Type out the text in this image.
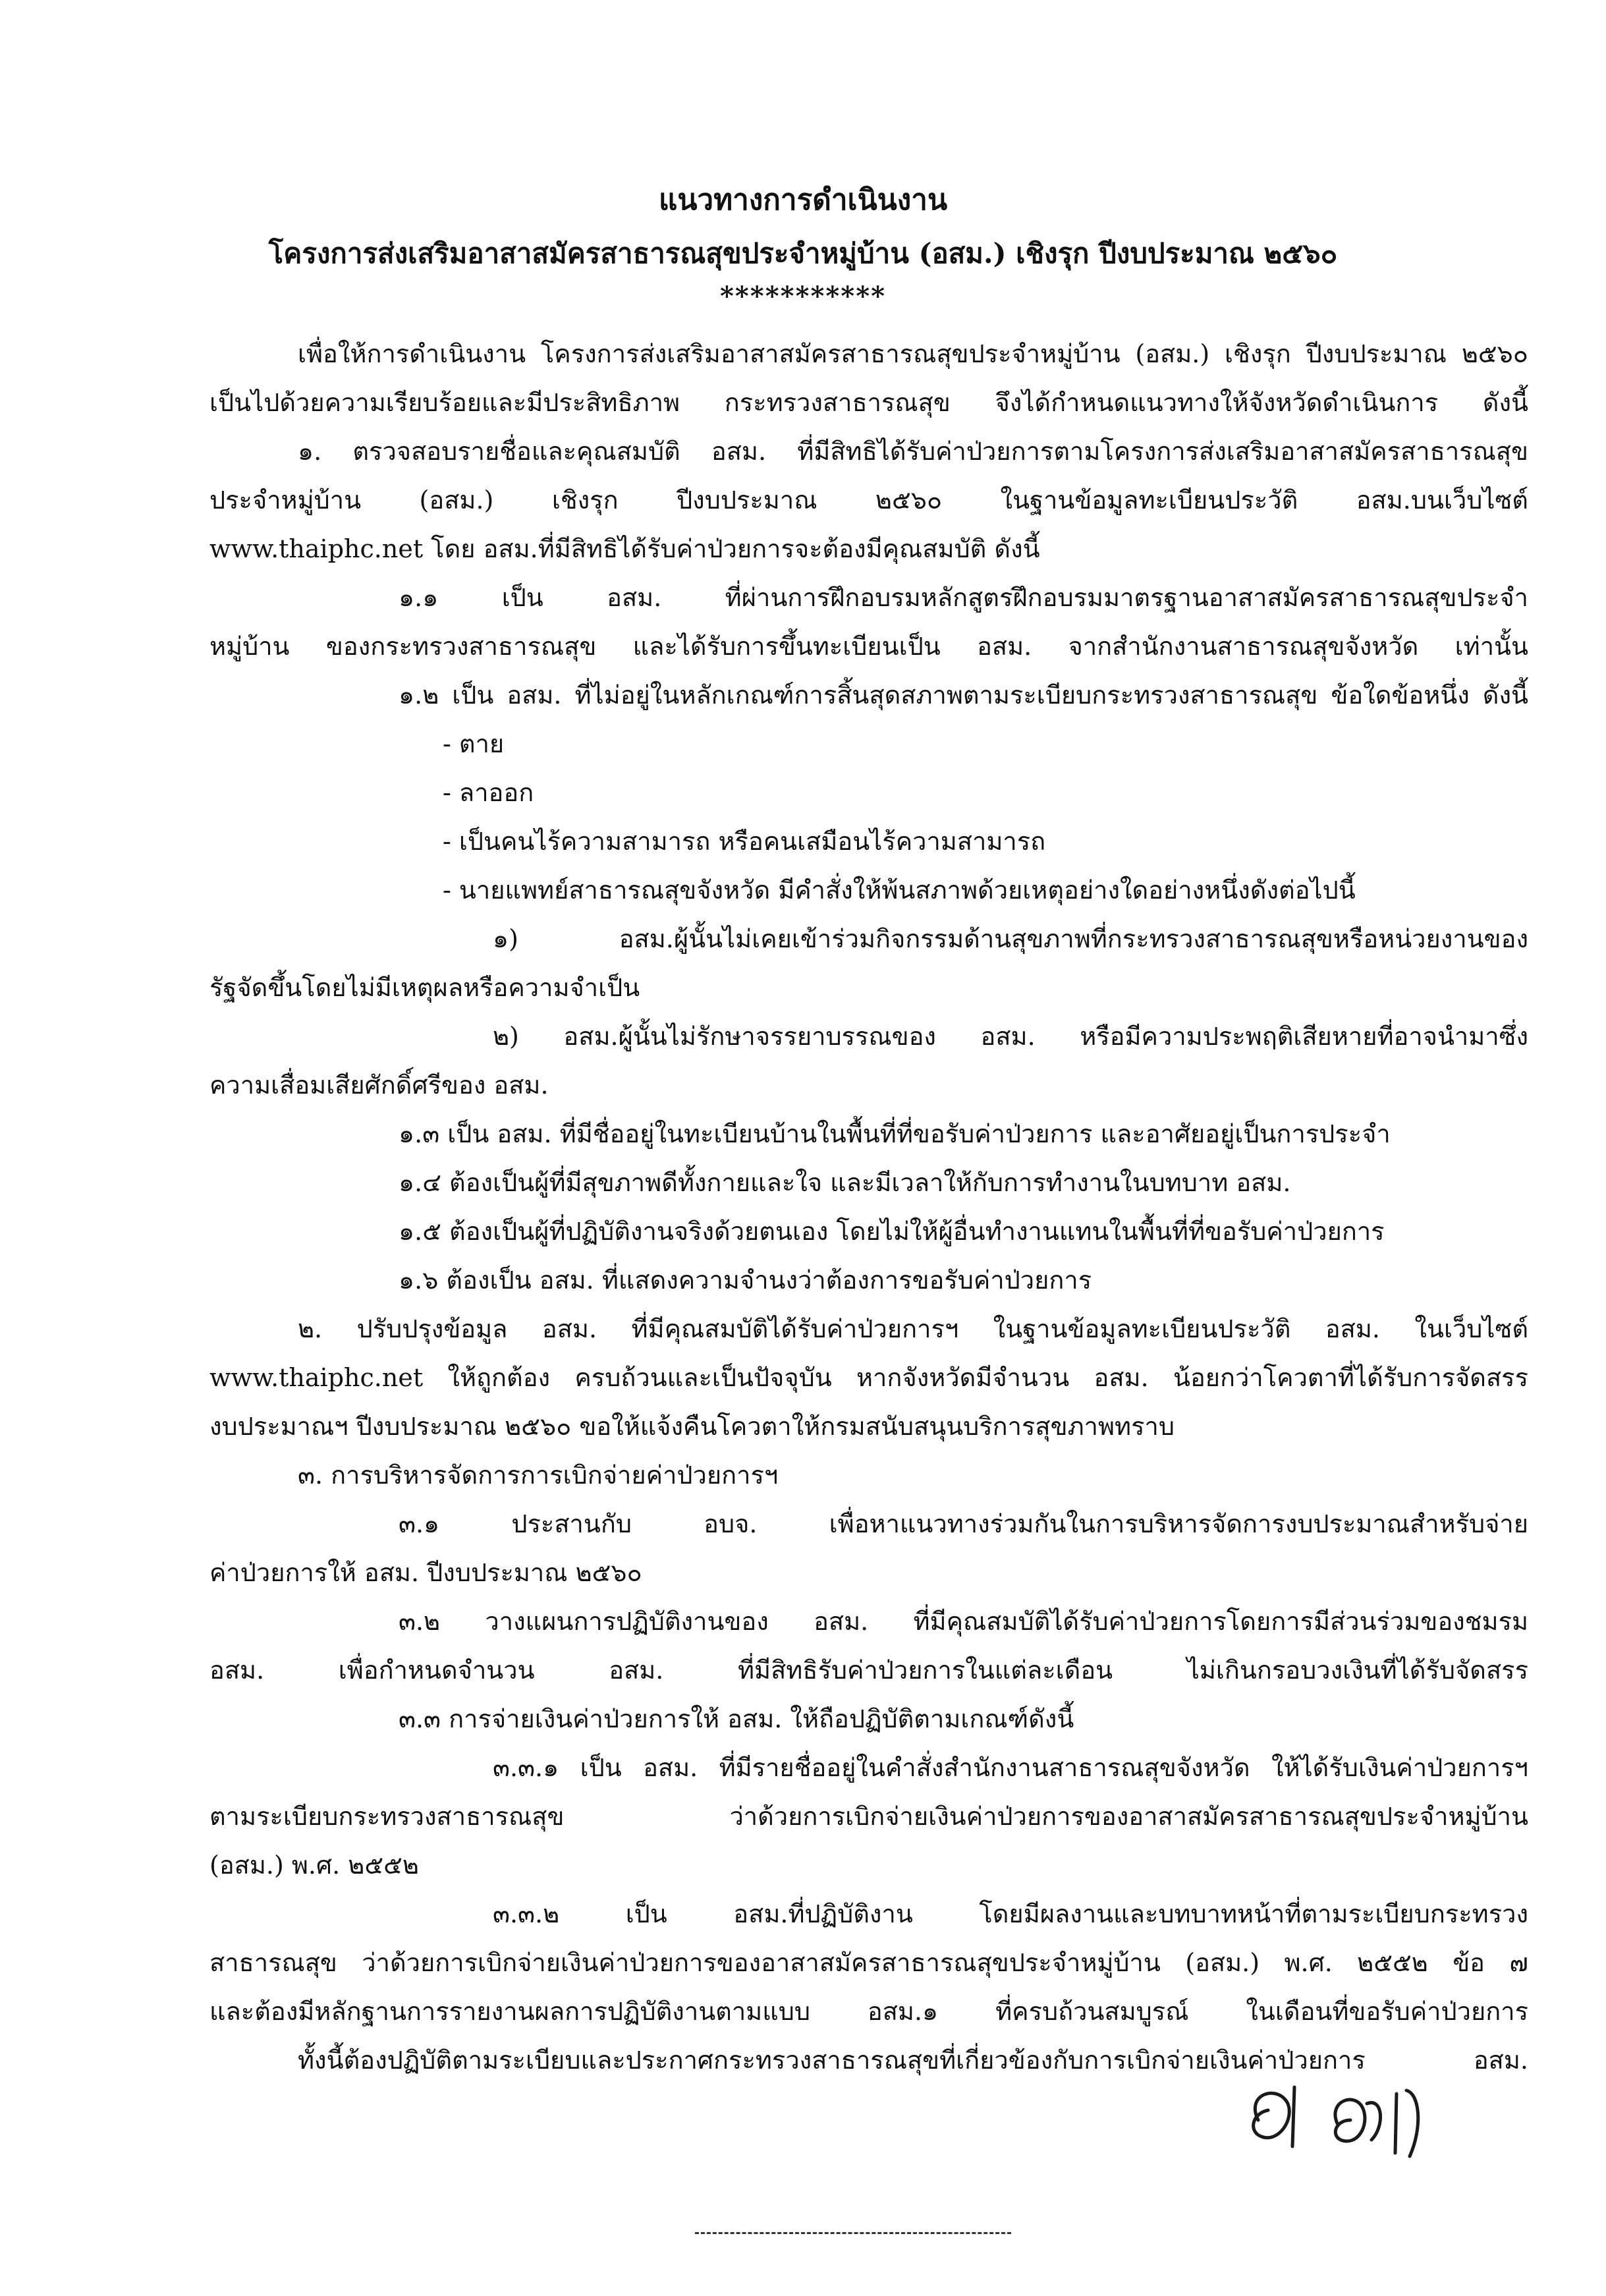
แนวทางการดำเนินงาน
โครงการส่งเสริมอาสาสมัครสาธารณสุขประจำหมู่บ้าน (อสม.) เชิงรุก ปีงบประมาณ ๒๕๖๐
***********
เพื่อให้การดำเนินงาน โครงการส่งเสริมอาสาสมัครสาธารณสุขประจำหมู่บ้าน (อสม.) เชิงรุก ปีงบประมาณ ๒๕๖๐
เป็นไปด้วยความเรียบร้อยและมีประสิทธิภาพ กระทรวงสาธารณสุข จึงได้กำหนดแนวทางให้จังหวัดดำเนินการ ดังนี้
๑. ตรวจสอบรายชื่อและคุณสมบัติ อสม. ที่มีสิทธิได้รับค่าป่วยการตามโครงการส่งเสริมอาสาสมัครสาธารณสุข
ประจำหมู่บ้าน (อสม.) เชิงรุก ปีงบประมาณ ๒๕๖๐ ในฐานข้อมูลทะเบียนประวัติ อสม.บนเว็บไซต์
www.thaiphc.net โดย อสม.ที่มีสิทธิได้รับค่าป่วยการจะต้องมีคุณสมบัติ ดังนี้
๑.๑ เป็น อสม. ที่ผ่านการฝึกอบรมหลักสูตรฝึกอบรมมาตรฐานอาสาสมัครสาธารณสุขประจำ
หมู่บ้าน ของกระทรวงสาธารณสุข และได้รับการขึ้นทะเบียนเป็น อสม. จากสำนักงานสาธารณสุขจังหวัด เท่านั้น
๑.๒ เป็น อสม. ที่ไม่อยู่ในหลักเกณฑ์การสิ้นสุดสภาพตามระเบียบกระทรวงสาธารณสุข ข้อใดข้อหนึ่ง ดังนี้
- ตาย
- ลาออก
- เป็นคนไร้ความสามารถ หรือคนเสมือนไร้ความสามารถ
- นายแพทย์สาธารณสุขจังหวัด มีคำสั่งให้พ้นสภาพด้วยเหตุอย่างใดอย่างหนึ่งดังต่อไปนี้
๑) อสม.ผู้นั้นไม่เคยเข้าร่วมกิจกรรมด้านสุขภาพที่กระทรวงสาธารณสุขหรือหน่วยงานของ
รัฐจัดขึ้นโดยไม่มีเหตุผลหรือความจำเป็น
๒) อสม.ผู้นั้นไม่รักษาจรรยาบรรณของ อสม. หรือมีความประพฤติเสียหายที่อาจนำมาซึ่ง
ความเสื่อมเสียศักดิ์ศรีของ อสม.
๑.๓ เป็น อสม. ที่มีชื่ออยู่ในทะเบียนบ้านในพื้นที่ที่ขอรับค่าป่วยการ และอาศัยอยู่เป็นการประจำ
๑.๔ ต้องเป็นผู้ที่มีสุขภาพดีทั้งกายและใจ และมีเวลาให้กับการทำงานในบทบาท อสม.
๑.๕ ต้องเป็นผู้ที่ปฏิบัติงานจริงด้วยตนเอง โดยไม่ให้ผู้อื่นทำงานแทนในพื้นที่ที่ขอรับค่าป่วยการ
๑.๖ ต้องเป็น อสม. ที่แสดงความจำนงว่าต้องการขอรับค่าป่วยการ
๒. ปรับปรุงข้อมูล อสม. ที่มีคุณสมบัติได้รับค่าป่วยการฯ ในฐานข้อมูลทะเบียนประวัติ อสม. ในเว็บไซต์
www.thaiphc.net ให้ถูกต้อง ครบถ้วนและเป็นปัจจุบัน หากจังหวัดมีจำนวน อสม. น้อยกว่าโควตาที่ได้รับการจัดสรร
งบประมาณฯ ปีงบประมาณ ๒๕๖๐ ขอให้แจ้งคืนโควตาให้กรมสนับสนุนบริการสุขภาพทราบ
๓. การบริหารจัดการการเบิกจ่ายค่าป่วยการฯ
๓.๑ ประสานกับ อบจ. เพื่อหาแนวทางร่วมกันในการบริหารจัดการงบประมาณสำหรับจ่าย
ค่าป่วยการให้ อสม. ปีงบประมาณ ๒๕๖๐
๓.๒ วางแผนการปฏิบัติงานของ อสม. ที่มีคุณสมบัติได้รับค่าป่วยการโดยการมีส่วนร่วมของชมรม
อสม. เพื่อกำหนดจำนวน อสม. ที่มีสิทธิรับค่าป่วยการในแต่ละเดือน ไม่เกินกรอบวงเงินที่ได้รับจัดสรร
๓.๓ การจ่ายเงินค่าป่วยการให้ อสม. ให้ถือปฏิบัติตามเกณฑ์ดังนี้
๓.๓.๑ เป็น อสม. ที่มีรายชื่ออยู่ในคำสั่งสำนักงานสาธารณสุขจังหวัด ให้ได้รับเงินค่าป่วยการฯ
ตามระเบียบกระทรวงสาธารณสุข ว่าด้วยการเบิกจ่ายเงินค่าป่วยการของอาสาสมัครสาธารณสุขประจำหมู่บ้าน
(อสม.) พ.ศ. ๒๕๕๒
๓.๓.๒ เป็น อสม.ที่ปฏิบัติงาน โดยมีผลงานและบทบาทหน้าที่ตามระเบียบกระทรวง
สาธารณสุข ว่าด้วยการเบิกจ่ายเงินค่าป่วยการของอาสาสมัครสาธารณสุขประจำหมู่บ้าน (อสม.) พ.ศ. ๒๕๕๒ ข้อ ๗
และต้องมีหลักฐานการรายงานผลการปฏิบัติงานตามแบบ อสม.๑ ที่ครบถ้วนสมบูรณ์ ในเดือนที่ขอรับค่าป่วยการ
ทั้งนี้ต้องปฏิบัติตามระเบียบและประกาศกระทรวงสาธารณสุขที่เกี่ยวข้องกับการเบิกจ่ายเงินค่าป่วยการ อสม.
